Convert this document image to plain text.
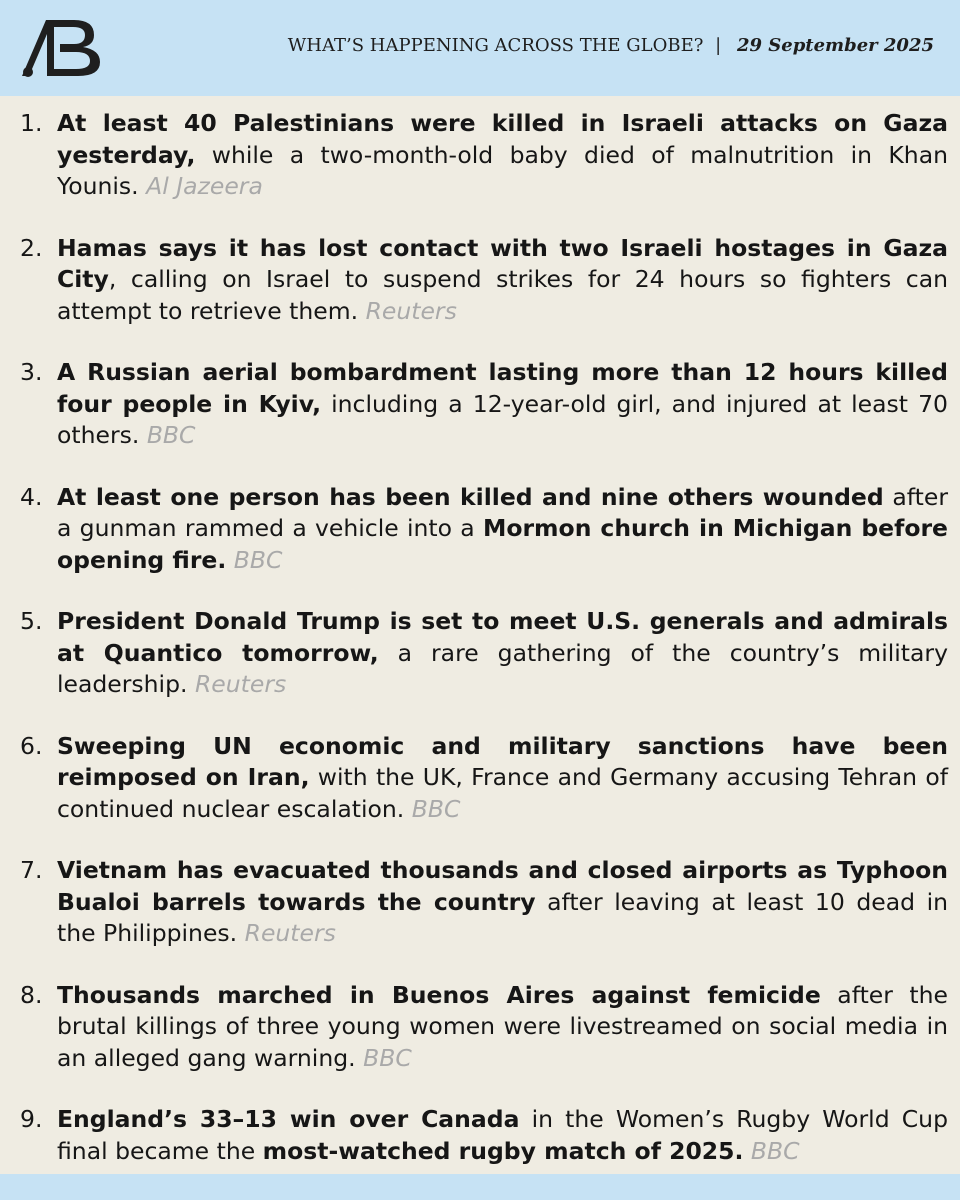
WHAT’S HAPPENING ACROSS THE GLOBE? | 29 September 2025
1. At least 40 Palestinians were killed in Israeli attacks on Gaza yesterday, while a two-month-old baby died of malnutrition in Khan Younis. Al Jazeera
2. Hamas says it has lost contact with two Israeli hostages in Gaza City, calling on Israel to suspend strikes for 24 hours so fighters can attempt to retrieve them. Reuters
3. A Russian aerial bombardment lasting more than 12 hours killed four people in Kyiv, including a 12-year-old girl, and injured at least 70 others. BBC
4. At least one person has been killed and nine others wounded after a gunman rammed a vehicle into a Mormon church in Michigan before opening fire. BBC
5. President Donald Trump is set to meet U.S. generals and admirals at Quantico tomorrow, a rare gathering of the country’s military leadership. Reuters
6. Sweeping UN economic and military sanctions have been reimposed on Iran, with the UK, France and Germany accusing Tehran of continued nuclear escalation. BBC
7. Vietnam has evacuated thousands and closed airports as Typhoon Bualoi barrels towards the country after leaving at least 10 dead in the Philippines. Reuters
8. Thousands marched in Buenos Aires against femicide after the brutal killings of three young women were livestreamed on social media in an alleged gang warning. BBC
9. England’s 33–13 win over Canada in the Women’s Rugby World Cup final became the most-watched rugby match of 2025. BBC
